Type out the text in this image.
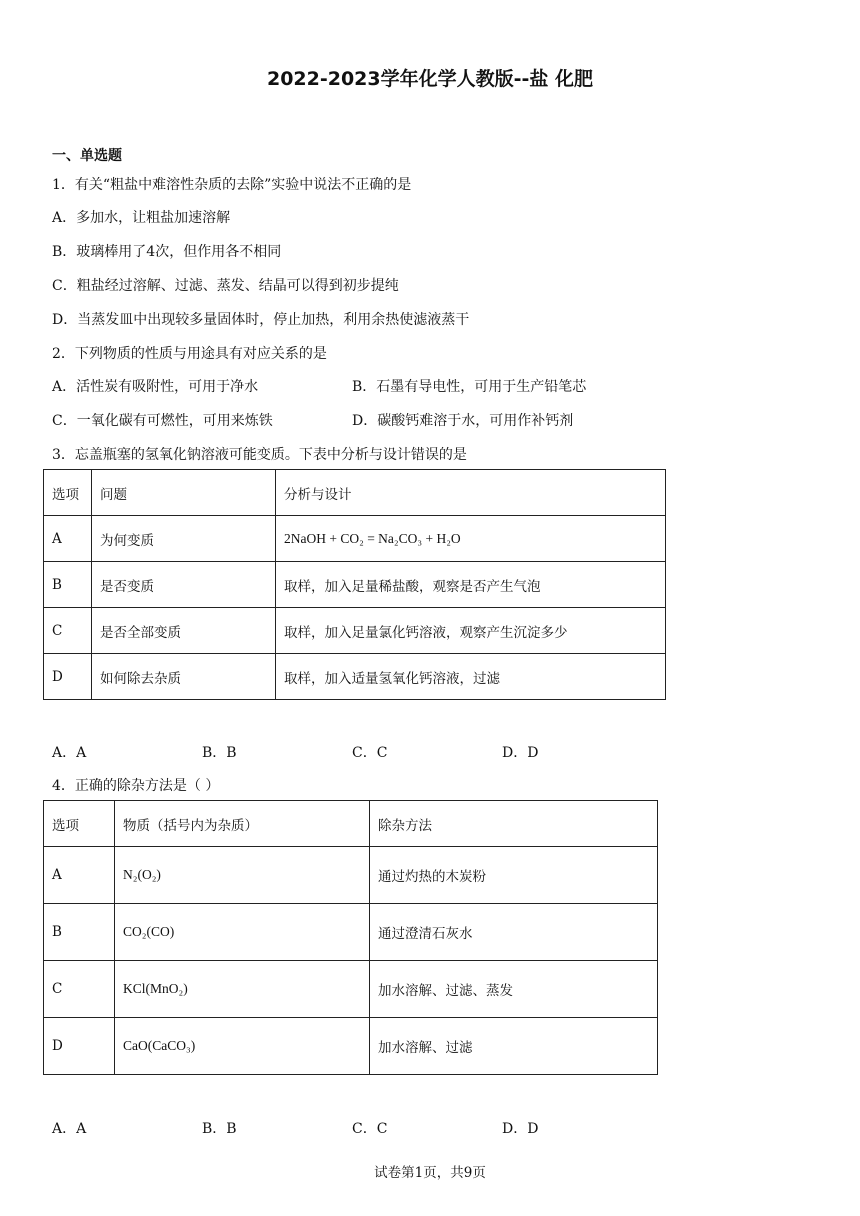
2022-2023学年化学人教版--盐 化肥
一、单选题
1．有关“粗盐中难溶性杂质的去除”实验中说法不正确的是
A．多加水，让粗盐加速溶解
B．玻璃棒用了4次，但作用各不相同
C．粗盐经过溶解、过滤、蒸发、结晶可以得到初步提纯
D．当蒸发皿中出现较多量固体时，停止加热，利用余热使滤液蒸干
2．下列物质的性质与用途具有对应关系的是
A．活性炭有吸附性，可用于净水	B．石墨有导电性，可用于生产铅笔芯
C．一氧化碳有可燃性，可用来炼铁	D．碳酸钙难溶于水，可用作补钙剂
3．忘盖瓶塞的氢氧化钠溶液可能变质。下表中分析与设计错误的是
选项	问题	分析与设计
A	为何变质	2NaOH + CO₂ = Na₂CO₃ + H₂O
B	是否变质	取样，加入足量稀盐酸，观察是否产生气泡
C	是否全部变质	取样，加入足量氯化钙溶液，观察产生沉淀多少
D	如何除去杂质	取样，加入适量氢氧化钙溶液，过滤
A．A	B．B	C．C	D．D
4．正确的除杂方法是（ ）
选项	物质（括号内为杂质）	除杂方法
A	N₂(O₂)	通过灼热的木炭粉
B	CO₂(CO)	通过澄清石灰水
C	KCl(MnO₂)	加水溶解、过滤、蒸发
D	CaO(CaCO₃)	加水溶解、过滤
A．A	B．B	C．C	D．D
试卷第1页，共9页
